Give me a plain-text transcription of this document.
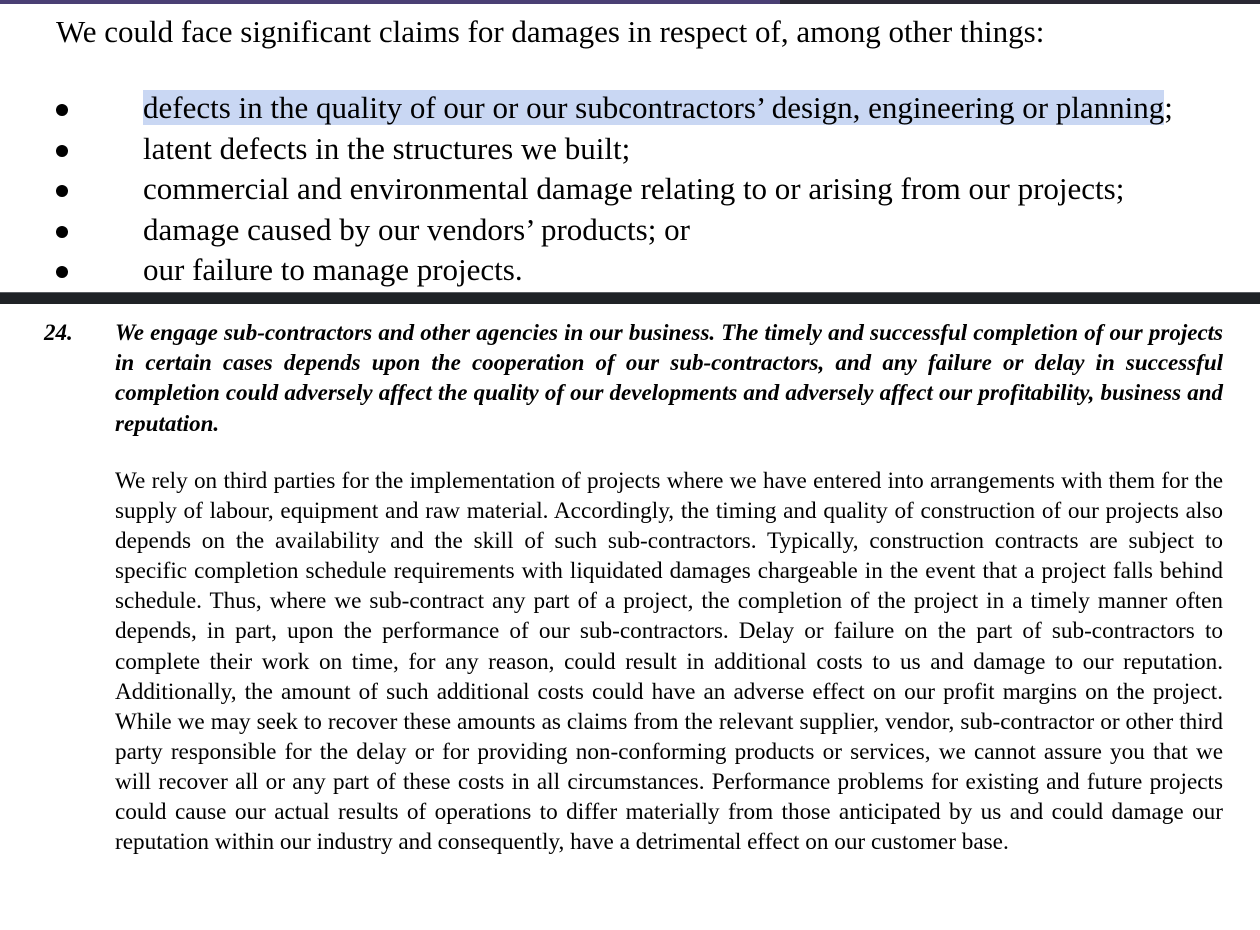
We could face significant claims for damages in respect of, among other things:
defects in the quality of our or our subcontractors’ design, engineering or planning;
latent defects in the structures we built;
commercial and environmental damage relating to or arising from our projects;
damage caused by our vendors’ products; or
our failure to manage projects.
24. We engage sub-contractors and other agencies in our business. The timely and successful completion of our projects in certain cases depends upon the cooperation of our sub-contractors, and any failure or delay in successful completion could adversely affect the quality of our developments and adversely affect our profitability, business and reputation.

We rely on third parties for the implementation of projects where we have entered into arrangements with them for the supply of labour, equipment and raw material. Accordingly, the timing and quality of construction of our projects also depends on the availability and the skill of such sub-contractors. Typically, construction contracts are subject to specific completion schedule requirements with liquidated damages chargeable in the event that a project falls behind schedule. Thus, where we sub-contract any part of a project, the completion of the project in a timely manner often depends, in part, upon the performance of our sub-contractors. Delay or failure on the part of sub-contractors to complete their work on time, for any reason, could result in additional costs to us and damage to our reputation. Additionally, the amount of such additional costs could have an adverse effect on our profit margins on the project. While we may seek to recover these amounts as claims from the relevant supplier, vendor, sub-contractor or other third party responsible for the delay or for providing non-conforming products or services, we cannot assure you that we will recover all or any part of these costs in all circumstances. Performance problems for existing and future projects could cause our actual results of operations to differ materially from those anticipated by us and could damage our reputation within our industry and consequently, have a detrimental effect on our customer base.
